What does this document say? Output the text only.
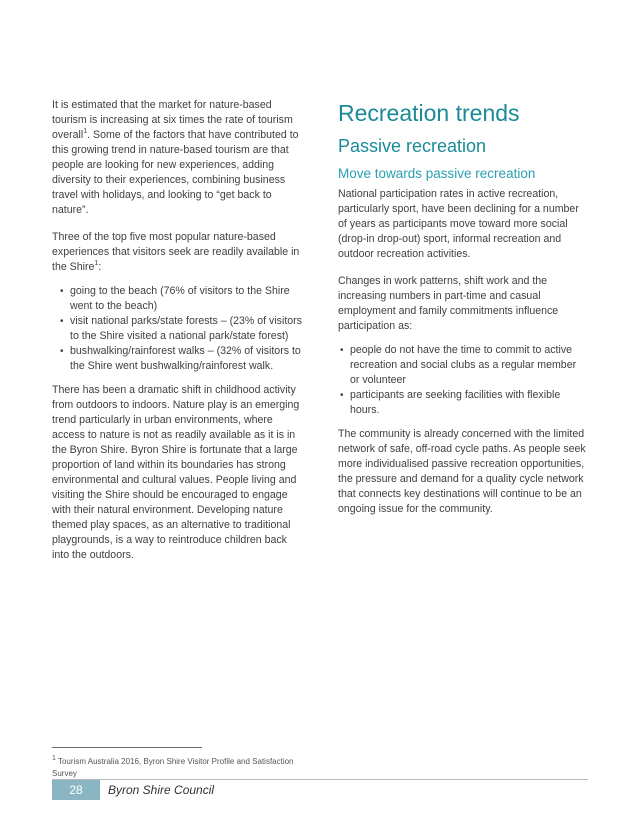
It is estimated that the market for nature-based tourism is increasing at six times the rate of tourism overall$^1$. Some of the factors that have contributed to this growing trend in nature-based tourism are that people are looking for new experiences, adding diversity to their experiences, combining business travel with holidays, and looking to “get back to nature”.

Three of the top five most popular nature-based experiences that visitors seek are readily available in the Shire$^1$:

• going to the beach (76% of visitors to the Shire went to the beach)
• visit national parks/state forests – (23% of visitors to the Shire visited a national park/state forest)
• bushwalking/rainforest walks – (32% of visitors to the Shire went bushwalking/rainforest walk.

There has been a dramatic shift in childhood activity from outdoors to indoors. Nature play is an emerging trend particularly in urban environments, where access to nature is not as readily available as it is in the Byron Shire. Byron Shire is fortunate that a large proportion of land within its boundaries has strong environmental and cultural values. People living and visiting the Shire should be encouraged to engage with their natural environment. Developing nature themed play spaces, as an alternative to traditional playgrounds, is a way to reintroduce children back into the outdoors.

Recreation trends
Passive recreation
Move towards passive recreation

National participation rates in active recreation, particularly sport, have been declining for a number of years as participants move toward more social (drop-in drop-out) sport, informal recreation and outdoor recreation activities.

Changes in work patterns, shift work and the increasing numbers in part-time and casual employment and family commitments influence participation as:

• people do not have the time to commit to active recreation and social clubs as a regular member or volunteer
• participants are seeking facilities with flexible hours.

The community is already concerned with the limited network of safe, off-road cycle paths. As people seek more individualised passive recreation opportunities, the pressure and demand for a quality cycle network that connects key destinations will continue to be an ongoing issue for the community.

$^1$ Tourism Australia 2016, Byron Shire Visitor Profile and Satisfaction Survey
28	Byron Shire Council
